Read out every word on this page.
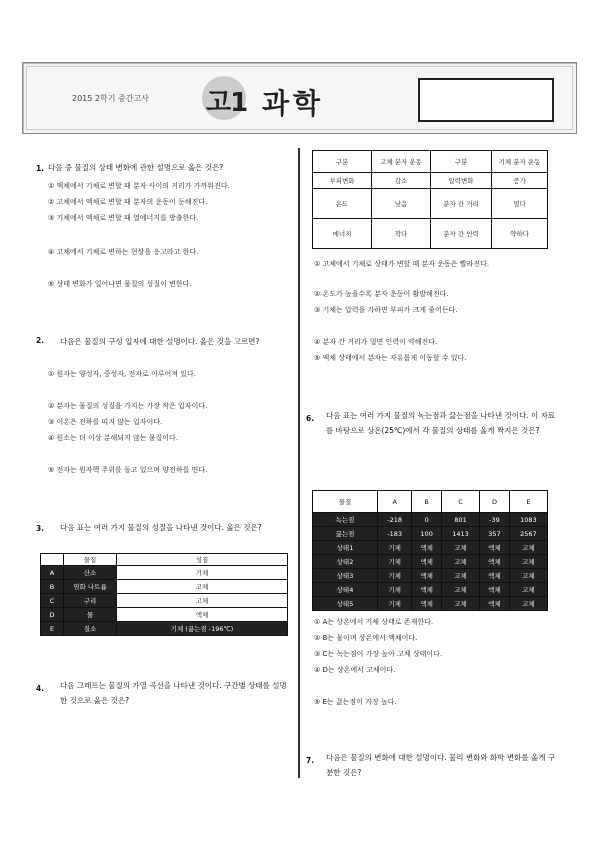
2015 2학기 중간고사 고1 과학
1. 다음 중 물질의 상태 변화에 관한 설명으로 옳은 것은?
① 액체에서 기체로 변할 때 분자 사이의 거리가 가까워진다.
② 고체에서 액체로 변할 때 분자의 운동이 둔해진다.
③ 기체에서 액체로 변할 때 열에너지를 방출한다.
④ 고체에서 기체로 변하는 현상을 응고라고 한다.
⑤ 상태 변화가 일어나면 물질의 성질이 변한다.
2. 다음은 물질의 구성 입자에 대한 설명이다. 옳은 것을 고르면?
① 원자는 양성자, 중성자, 전자로 이루어져 있다.
② 분자는 물질의 성질을 가지는 가장 작은 입자이다.
③ 이온은 전하를 띠지 않는 입자이다.
④ 원소는 더 이상 분해되지 않는 물질이다.
⑤ 전자는 원자핵 주위를 돌고 있으며 양전하를 띤다.
3. 다음 표는 여러 가지 물질의 성질을 나타낸 것이다. 옳은 것은?
	물질	성질
A	산소	기체
B	염화 나트륨	고체
C	구리	고체
D	물	액체
E	질소	기체 (끓는점 -196℃)
4. 다음 그래프는 물질의 가열 곡선을 나타낸 것이다. 구간별 상태를 설명한 것으로 옳은 것은?
구분	고체 분자 운동	구분	기체 분자 운동
부피변화	감소	압력변화	증가
온도	낮음	분자 간 거리	멀다
에너지	작다	분자 간 인력	약하다
① 고체에서 기체로 상태가 변할 때 분자 운동은 빨라진다.
② 온도가 높을수록 분자 운동이 활발해진다.
③ 기체는 압력을 가하면 부피가 크게 줄어든다.
④ 분자 간 거리가 멀면 인력이 약해진다.
⑤ 액체 상태에서 분자는 자유롭게 이동할 수 있다.
6. 다음 표는 여러 가지 물질의 녹는점과 끓는점을 나타낸 것이다. 이 자료를 바탕으로 상온(25℃)에서 각 물질의 상태를 옳게 짝지은 것은?
물질	A	B	C	D	E
녹는점	-218	0	801	-39	1083
끓는점	-183	100	1413	357	2567
상태1	기체	액체	고체	액체	고체
상태2	기체	액체	고체	액체	고체
상태3	기체	액체	고체	액체	고체
상태4	기체	액체	고체	액체	고체
상태5	기체	액체	고체	액체	고체
① A는 상온에서 기체 상태로 존재한다.
② B는 물이며 상온에서 액체이다.
③ C는 녹는점이 가장 높아 고체 상태이다.
④ D는 상온에서 고체이다.
⑤ E는 끓는점이 가장 높다.
7. 다음은 물질의 변화에 대한 설명이다. 물리 변화와 화학 변화를 옳게 구분한 것은?
